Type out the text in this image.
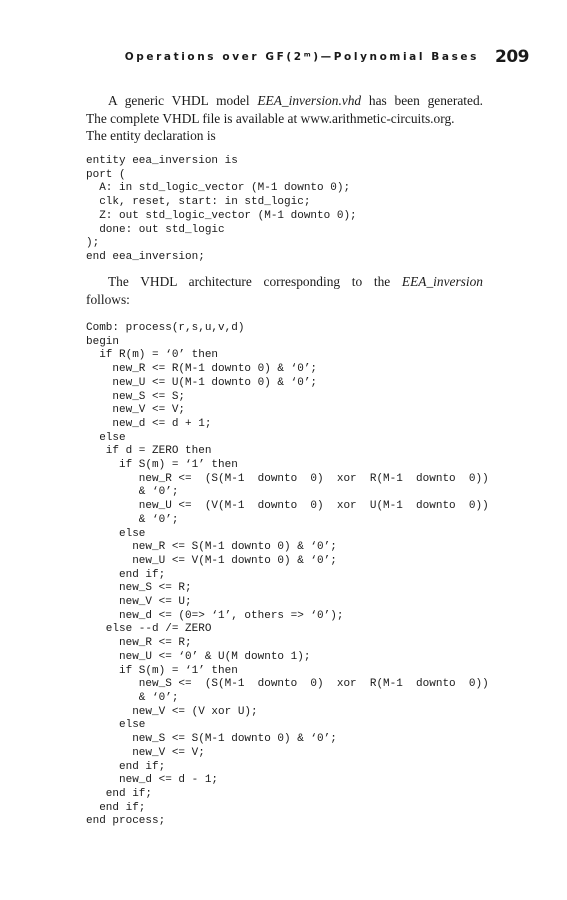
Operations over GF(2ᵐ)—Polynomial Bases 209
A generic VHDL model EEA_inversion.vhd has been generated.
The complete VHDL file is available at www.arithmetic-circuits.org.
The entity declaration is
entity eea_inversion is
port (
A: in std_logic_vector (M-1 downto 0);
clk, reset, start: in std_logic;
Z: out std_logic_vector (M-1 downto 0);
done: out std_logic
);
end eea_inversion;
The VHDL architecture corresponding to the EEA_inversion
follows:
Comb: process(r,s,u,v,d)
begin
if R(m) = ‘0’ then
new_R <= R(M-1 downto 0) & ‘0’;
new_U <= U(M-1 downto 0) & ‘0’;
new_S <= S;
new_V <= V;
new_d <= d + 1;
else
if d = ZERO then
if S(m) = ‘1’ then
new_R <=  (S(M-1  downto  0)  xor  R(M-1  downto  0))
& ‘0’;
new_U <=  (V(M-1  downto  0)  xor  U(M-1  downto  0))
& ‘0’;
else
new_R <= S(M-1 downto 0) & ‘0’;
new_U <= V(M-1 downto 0) & ‘0’;
end if;
new_S <= R;
new_V <= U;
new_d <= (0=> ‘1’, others => ‘0’);
else --d /= ZERO
new_R <= R;
new_U <= ‘0’ & U(M downto 1);
if S(m) = ‘1’ then
new_S <=  (S(M-1  downto  0)  xor  R(M-1  downto  0))
& ‘0’;
new_V <= (V xor U);
else
new_S <= S(M-1 downto 0) & ‘0’;
new_V <= V;
end if;
new_d <= d - 1;
end if;
end if;
end process;
